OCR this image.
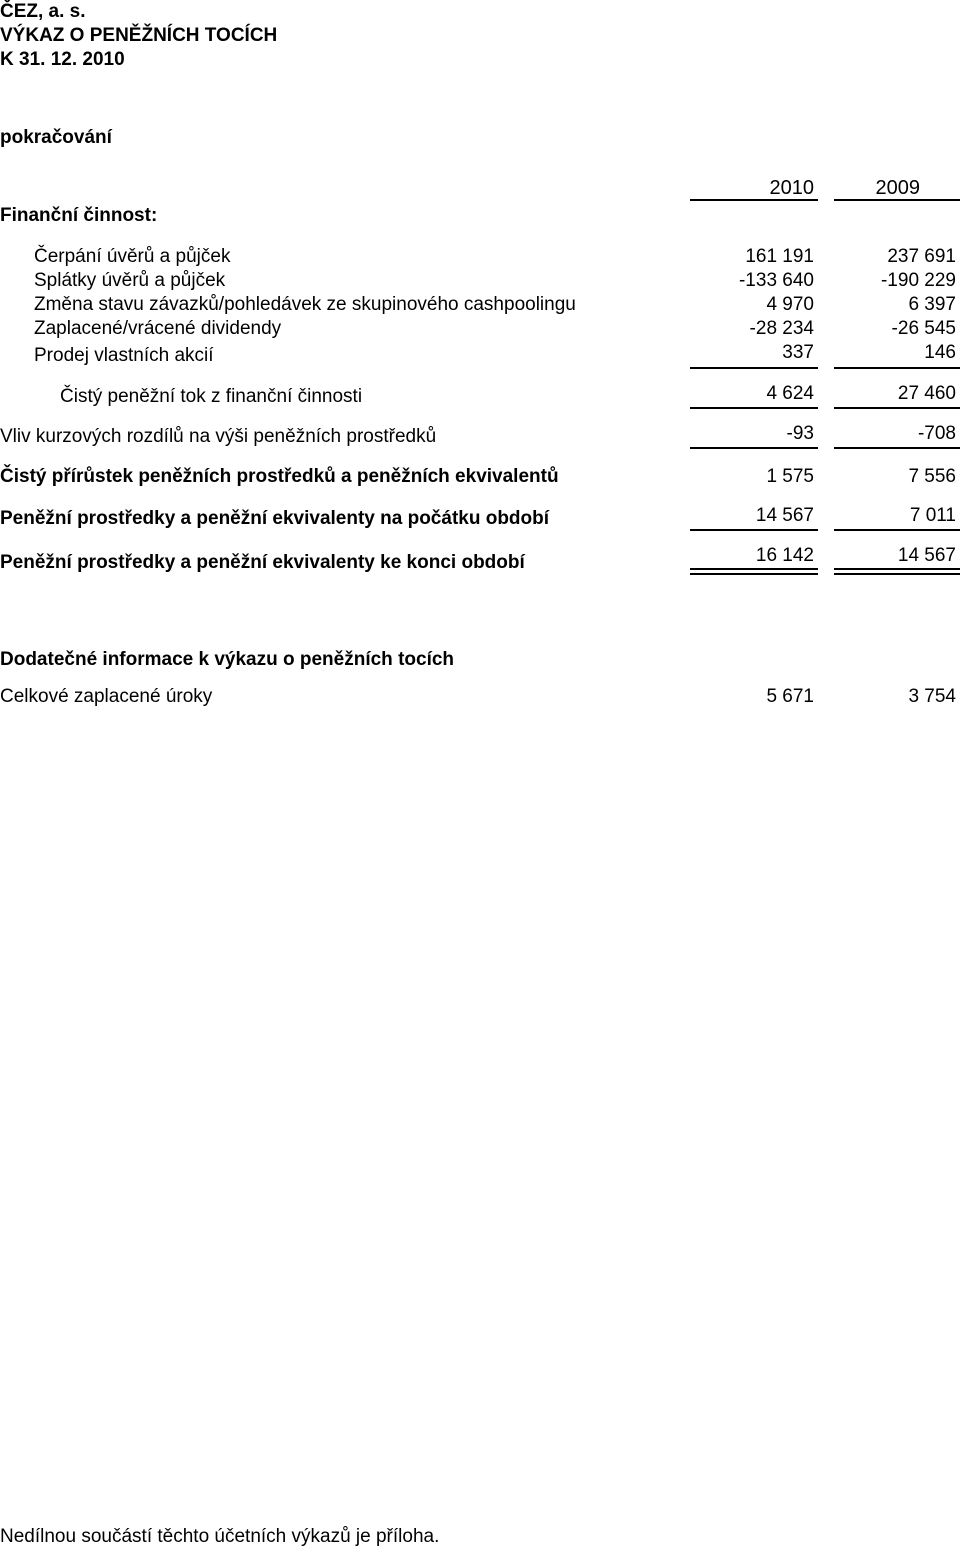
ČEZ, a. s.
VÝKAZ O PENĚŽNÍCH TOCÍCH
K 31. 12. 2010
pokračování
2010	2009
Finanční činnost:
Čerpání úvěrů a půjček	161 191	237 691
Splátky úvěrů a půjček	-133 640	-190 229
Změna stavu závazků/pohledávek ze skupinového cashpoolingu	4 970	6 397
Zaplacené/vrácené dividendy	-28 234	-26 545
Prodej vlastních akcií	337	146
Čistý peněžní tok z finanční činnosti	4 624	27 460
Vliv kurzových rozdílů na výši peněžních prostředků	-93	-708
Čistý přírůstek peněžních prostředků a peněžních ekvivalentů	1 575	7 556
Peněžní prostředky a peněžní ekvivalenty na počátku období	14 567	7 011
Peněžní prostředky a peněžní ekvivalenty ke konci období	16 142	14 567
Dodatečné informace k výkazu o peněžních tocích
Celkové zaplacené úroky	5 671	3 754
Nedílnou součástí těchto účetních výkazů je příloha.
